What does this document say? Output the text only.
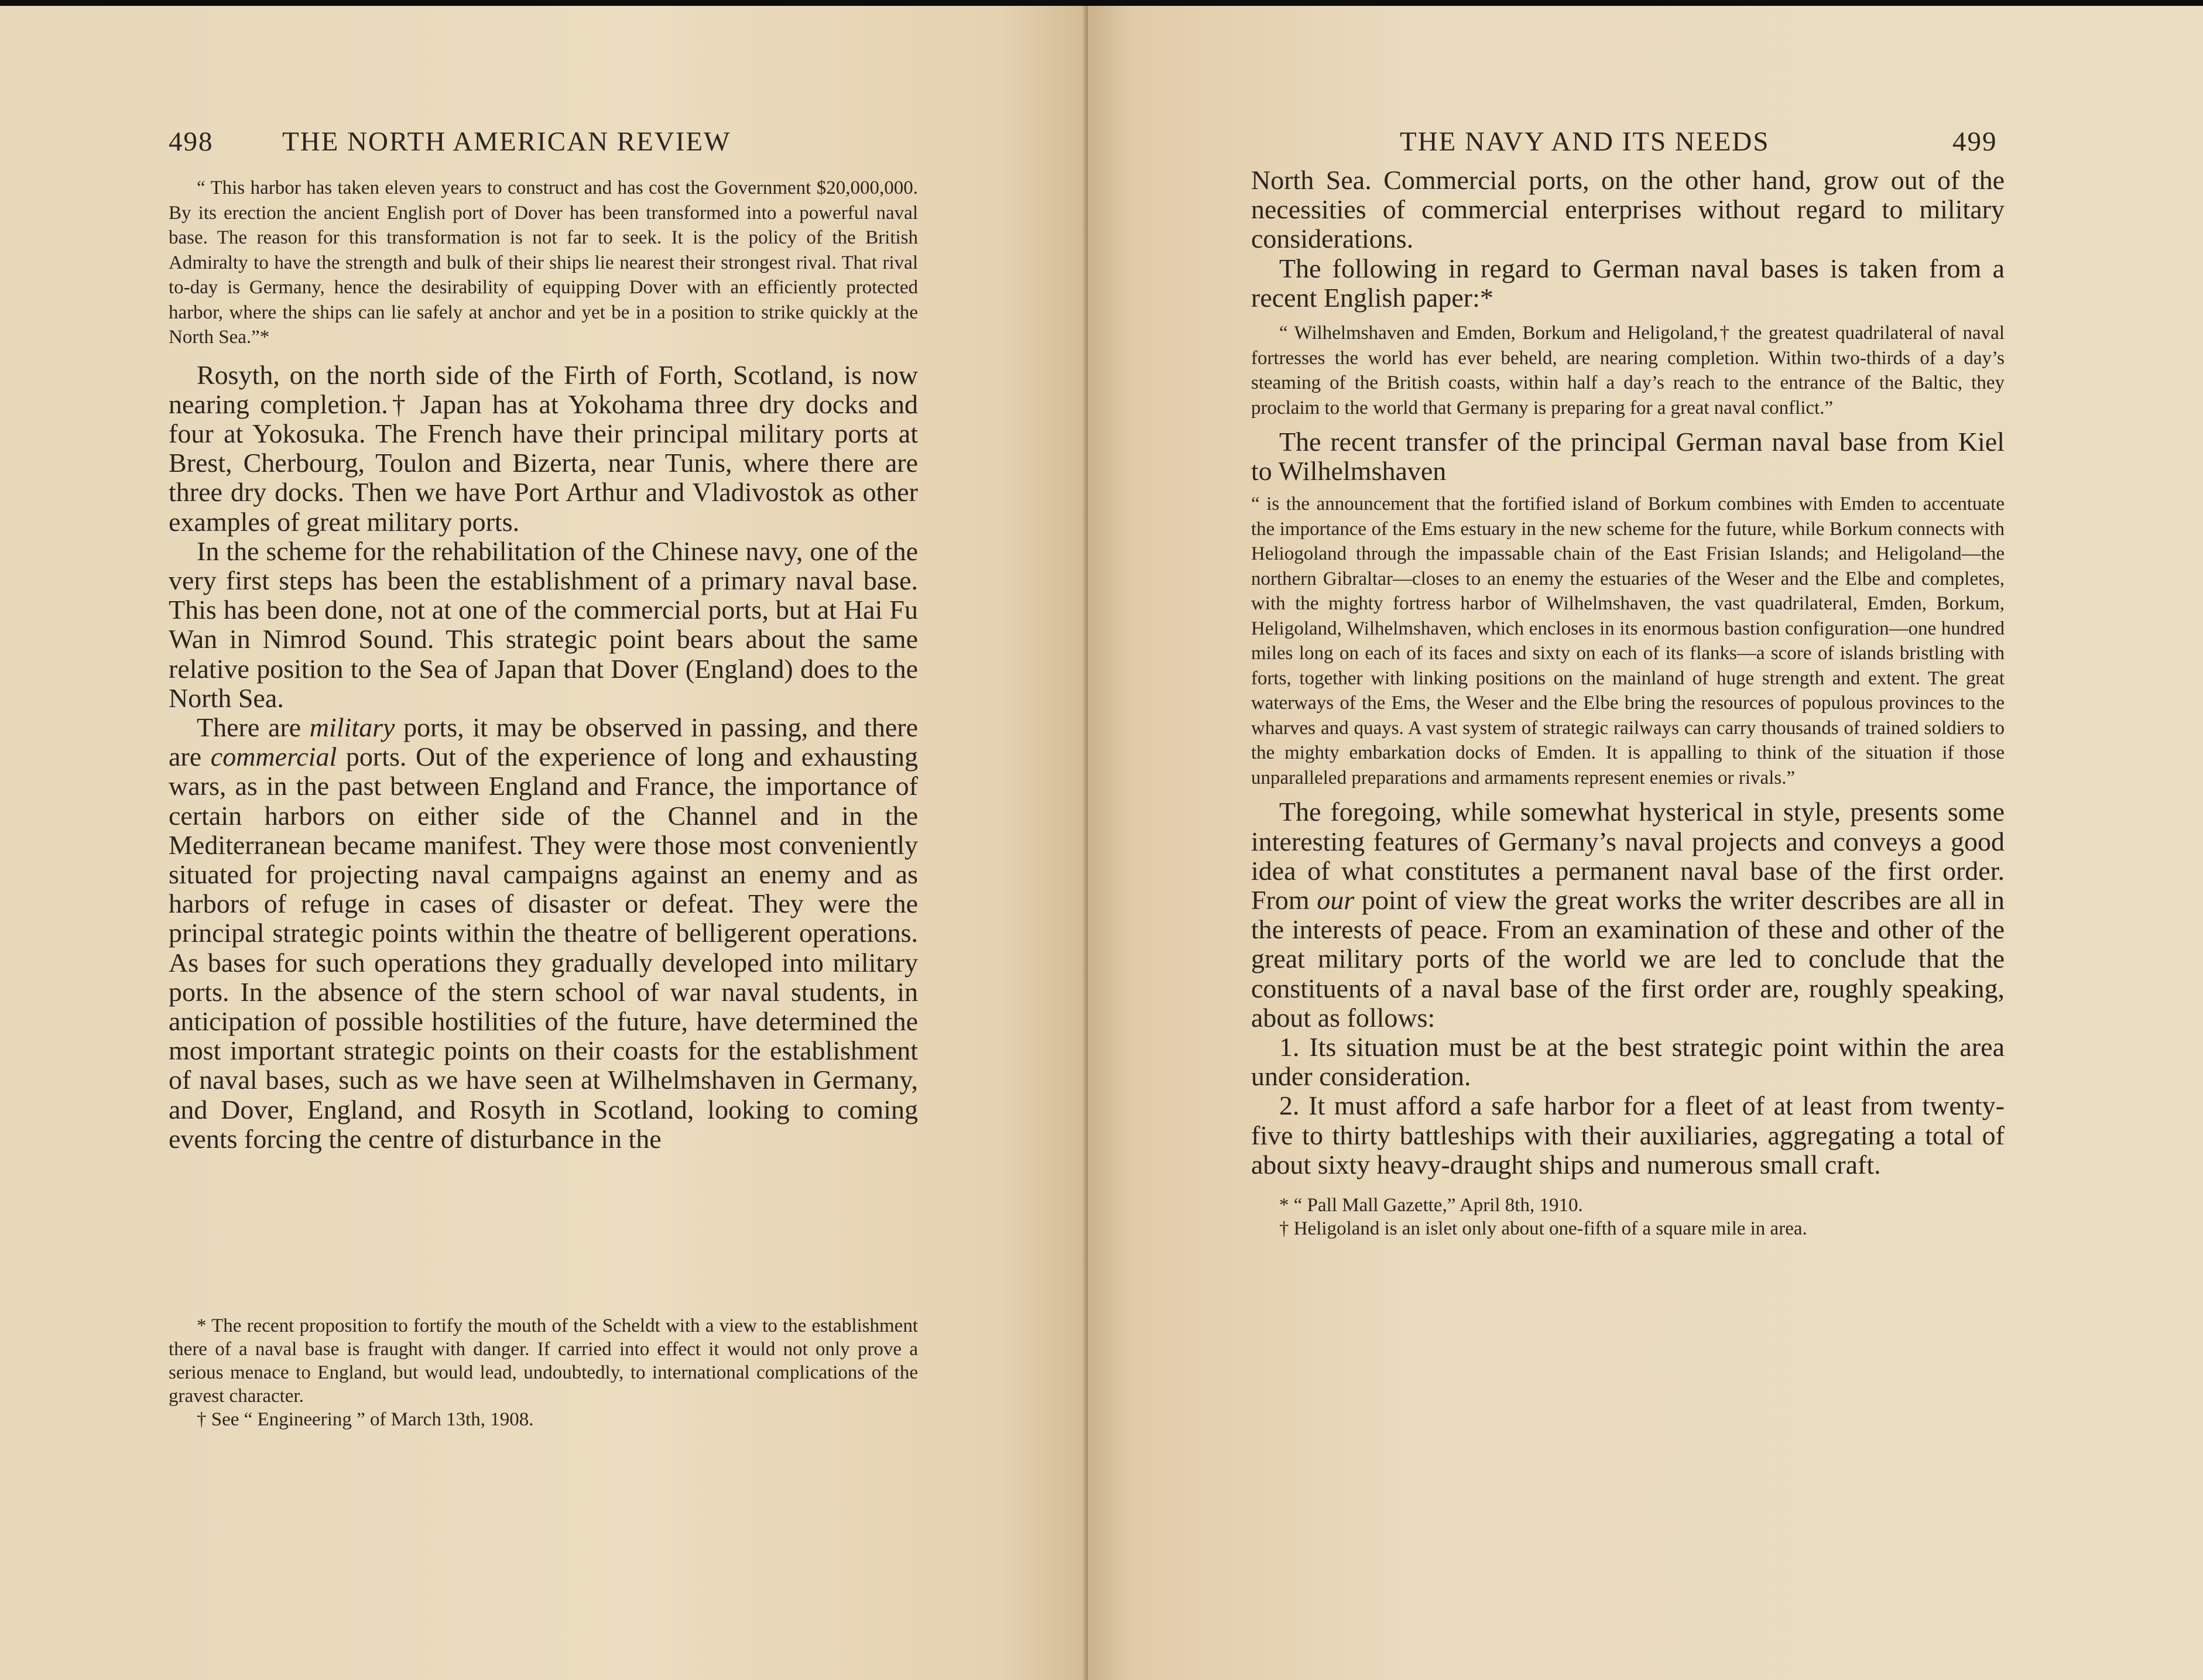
498	THE NORTH AMERICAN REVIEW

“ This harbor has taken eleven years to construct and has cost the Government $20,000,000. By its erection the ancient English port of Dover has been transformed into a powerful naval base. The reason for this transformation is not far to seek. It is the policy of the British Admiralty to have the strength and bulk of their ships lie nearest their strongest rival. That rival to-day is Germany, hence the desirability of equipping Dover with an efficiently protected harbor, where the ships can lie safely at anchor and yet be in a position to strike quickly at the North Sea.”*

Rosyth, on the north side of the Firth of Forth, Scotland, is now nearing completion.† Japan has at Yokohama three dry docks and four at Yokosuka. The French have their principal military ports at Brest, Cherbourg, Toulon and Bizerta, near Tunis, where there are three dry docks. Then we have Port Arthur and Vladivostok as other examples of great military ports.

In the scheme for the rehabilitation of the Chinese navy, one of the very first steps has been the establishment of a primary naval base. This has been done, not at one of the commercial ports, but at Hai Fu Wan in Nimrod Sound. This strategic point bears about the same relative position to the Sea of Japan that Dover (England) does to the North Sea.

There are military ports, it may be observed in passing, and there are commercial ports. Out of the experience of long and exhausting wars, as in the past between England and France, the importance of certain harbors on either side of the Channel and in the Mediterranean became manifest. They were those most conveniently situated for projecting naval campaigns against an enemy and as harbors of refuge in cases of disaster or defeat. They were the principal strategic points within the theatre of belligerent operations. As bases for such operations they gradually developed into military ports. In the absence of the stern school of war naval students, in anticipation of possible hostilities of the future, have determined the most important strategic points on their coasts for the establishment of naval bases, such as we have seen at Wilhelmshaven in Germany, and Dover, England, and Rosyth in Scotland, looking to coming events forcing the centre of disturbance in the

* The recent proposition to fortify the mouth of the Scheldt with a view to the establishment there of a naval base is fraught with danger. If carried into effect it would not only prove a serious menace to England, but would lead, undoubtedly, to international complications of the gravest character.

† See “ Engineering ” of March 13th, 1908.

THE NAVY AND ITS NEEDS	499

North Sea. Commercial ports, on the other hand, grow out of the necessities of commercial enterprises without regard to military considerations.

The following in regard to German naval bases is taken from a recent English paper:*

“ Wilhelmshaven and Emden, Borkum and Heligoland,† the greatest quadrilateral of naval fortresses the world has ever beheld, are nearing completion. Within two-thirds of a day’s steaming of the British coasts, within half a day’s reach to the entrance of the Baltic, they proclaim to the world that Germany is preparing for a great naval conflict.”

The recent transfer of the principal German naval base from Kiel to Wilhelmshaven

“ is the announcement that the fortified island of Borkum combines with Emden to accentuate the importance of the Ems estuary in the new scheme for the future, while Borkum connects with Heliogoland through the impassable chain of the East Frisian Islands; and Heligoland—the northern Gibraltar—closes to an enemy the estuaries of the Weser and the Elbe and completes, with the mighty fortress harbor of Wilhelmshaven, the vast quadrilateral, Emden, Borkum, Heligoland, Wilhelmshaven, which encloses in its enormous bastion configuration—one hundred miles long on each of its faces and sixty on each of its flanks—a score of islands bristling with forts, together with linking positions on the mainland of huge strength and extent. The great waterways of the Ems, the Weser and the Elbe bring the resources of populous provinces to the wharves and quays. A vast system of strategic railways can carry thousands of trained soldiers to the mighty embarkation docks of Emden. It is appalling to think of the situation if those unparalleled preparations and armaments represent enemies or rivals.”

The foregoing, while somewhat hysterical in style, presents some interesting features of Germany’s naval projects and conveys a good idea of what constitutes a permanent naval base of the first order. From our point of view the great works the writer describes are all in the interests of peace. From an examination of these and other of the great military ports of the world we are led to conclude that the constituents of a naval base of the first order are, roughly speaking, about as follows:

1. Its situation must be at the best strategic point within the area under consideration.

2. It must afford a safe harbor for a fleet of at least from twenty-five to thirty battleships with their auxiliaries, aggregating a total of about sixty heavy-draught ships and numerous small craft.

* “ Pall Mall Gazette,” April 8th, 1910.

† Heligoland is an islet only about one-fifth of a square mile in area.
